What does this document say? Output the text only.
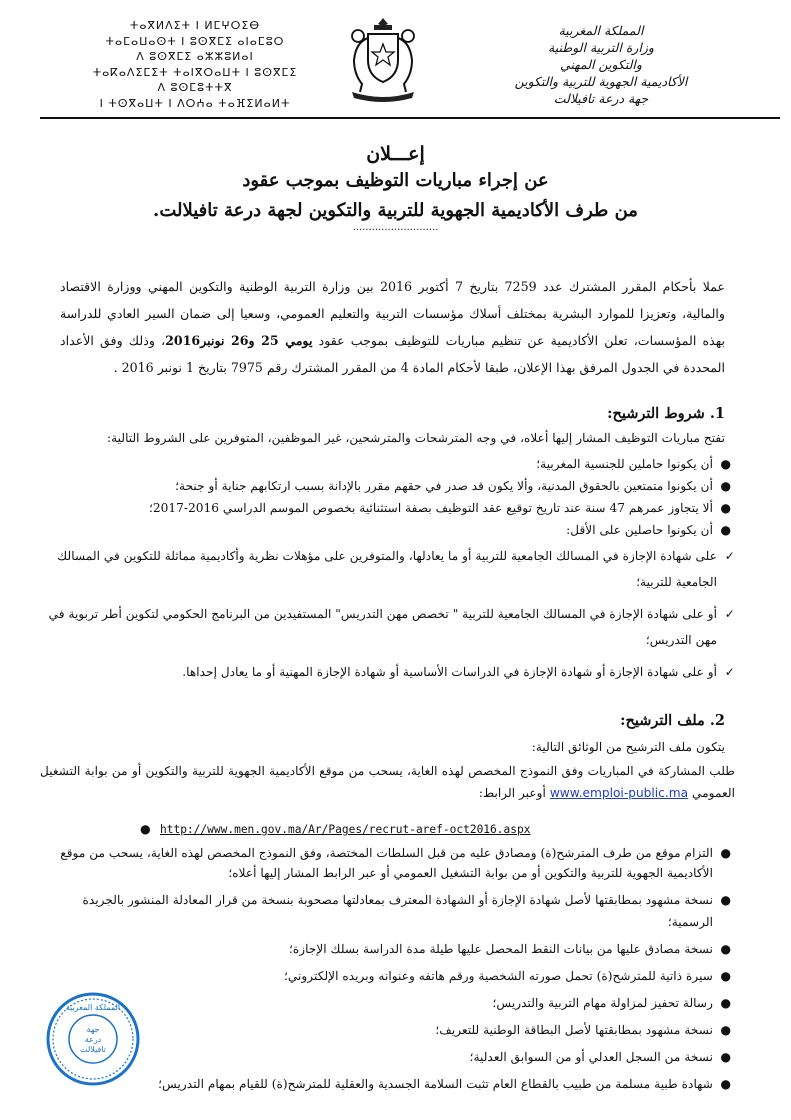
المملكة المغربية
وزارة التربية الوطنية
والتكوين المهني
الأكاديمية الجهوية للتربية والتكوين
جهة درعة تافيلالت
ⵜⴰⴳⵍⴷⵉⵜ ⵏ ⵍⵎⵖⵔⵉⴱ
ⵜⴰⵎⴰⵡⴰⵙⵜ ⵏ ⵓⵙⴳⵎⵉ ⴰⵏⴰⵎⵓⵔ
ⴷ ⵓⵙⴳⵎⵉ ⴰⵣⵣⵓⵍⴰⵏ
ⵜⴰⴽⴰⴷⵉⵎⵉⵜ ⵜⴰⵏⴳⵔⴰⵡⵜ ⵏ ⵓⵙⴳⵎⵉ
ⴷ ⵓⵙⵎⵓⵜⵜⴳ
ⵏ ⵜⵙⴳⴰⵡⵜ ⵏ ⴷⵔⵄⴰ ⵜⴰⴼⵉⵍⴰⵍⵜ
إعـــلان
عن إجراء مباريات التوظيف بموجب عقود
من طرف الأكاديمية الجهوية للتربية والتكوين لجهة درعة تافيلالت.
...........................
عملا بأحكام المقرر المشترك عدد 7259 بتاريخ 7 أكتوبر 2016 بين وزارة التربية الوطنية والتكوين المهني ووزارة الاقتصاد والمالية، وتعزيزا للموارد البشرية بمختلف أسلاك مؤسسات التربية والتعليم العمومي، وسعيا إلى ضمان السير العادي للدراسة بهذه المؤسسات، تعلن الأكاديمية عن تنظيم مباريات للتوظيف بموجب عقود يومي 25 و26 نونبر2016، وذلك وفق الأعداد المحددة في الجدول المرفق بهذا الإعلان، طبقا لأحكام المادة 4 من المقرر المشترك رقم 7975 بتاريخ 1 نونبر 2016 .
1. شروط الترشيح:
تفتح مباريات التوظيف المشار إليها أعلاه، في وجه المترشحات والمترشحين، غير الموظفين، المتوفرين على الشروط التالية:
●
أن يكونوا حاملين للجنسية المغربية؛
●
أن يكونوا متمتعين بالحقوق المدنية، وألا يكون قد صدر في حقهم مقرر بالإدانة بسبب ارتكابهم جناية أو جنحة؛
●
ألا يتجاوز عمرهم 47 سنة عند تاريخ توقيع عقد التوظيف بصفة استثنائية بخصوص الموسم الدراسي 2016-2017؛
●
أن يكونوا حاصلين على الأقل:
✓
على شهادة الإجازة في المسالك الجامعية للتربية أو ما يعادلها، والمتوفرين على مؤهلات نظرية وأكاديمية مماثلة للتكوين في المسالك الجامعية للتربية؛
✓
أو على شهادة الإجازة في المسالك الجامعية للتربية " تخصص مهن التدريس" المستفيدين من البرنامج الحكومي لتكوين أطر تربوية في مهن التدريس؛
✓
أو على شهادة الإجازة أو شهادة الإجازة في الدراسات الأساسية أو شهادة الإجازة المهنية أو ما يعادل إحداها.
2. ملف الترشيح:
يتكون ملف الترشيح من الوثائق التالية:
طلب المشاركة في المباريات وفق النموذج المخصص لهذه الغاية، يسحب من موقع الأكاديمية الجهوية للتربية والتكوين أو من بوابة التشغيل العمومي www.emploi-public.ma أوعبر الرابط:
● http://www.men.gov.ma/Ar/Pages/recrut-aref-oct2016.aspx
●
التزام موقع من طرف المترشح(ة) ومصادق عليه من قبل السلطات المختصة، وفق النموذج المخصص لهذه الغاية، يسحب من موقع الأكاديمية الجهوية للتربية والتكوين أو من بوابة التشغيل العمومي أو عبر الرابط المشار إليها أعلاه؛
●
نسخة مشهود بمطابقتها لأصل شهادة الإجازة أو الشهادة المعترف بمعادلتها مصحوبة بنسخة من قرار المعادلة المنشور بالجريدة الرسمية؛
●
نسخة مصادق عليها من بيانات النقط المحصل عليها طيلة مدة الدراسة بسلك الإجازة؛
●
سيرة ذاتية للمترشح(ة) تحمل صورته الشخصية ورقم هاتفه وعنوانه وبريده الإلكتروني؛
●
رسالة تحفيز لمزاولة مهام التربية والتدريس؛
●
نسخة مشهود بمطابقتها لأصل البطاقة الوطنية للتعريف؛
●
نسخة من السجل العدلي أو من السوابق العدلية؛
●
شهادة طبية مسلمة من طبيب بالقطاع العام تثبت السلامة الجسدية والعقلية للمترشح(ة) للقيام بمهام التدريس؛
المملكة المغربية
جهة
درعة
تافيلالت
